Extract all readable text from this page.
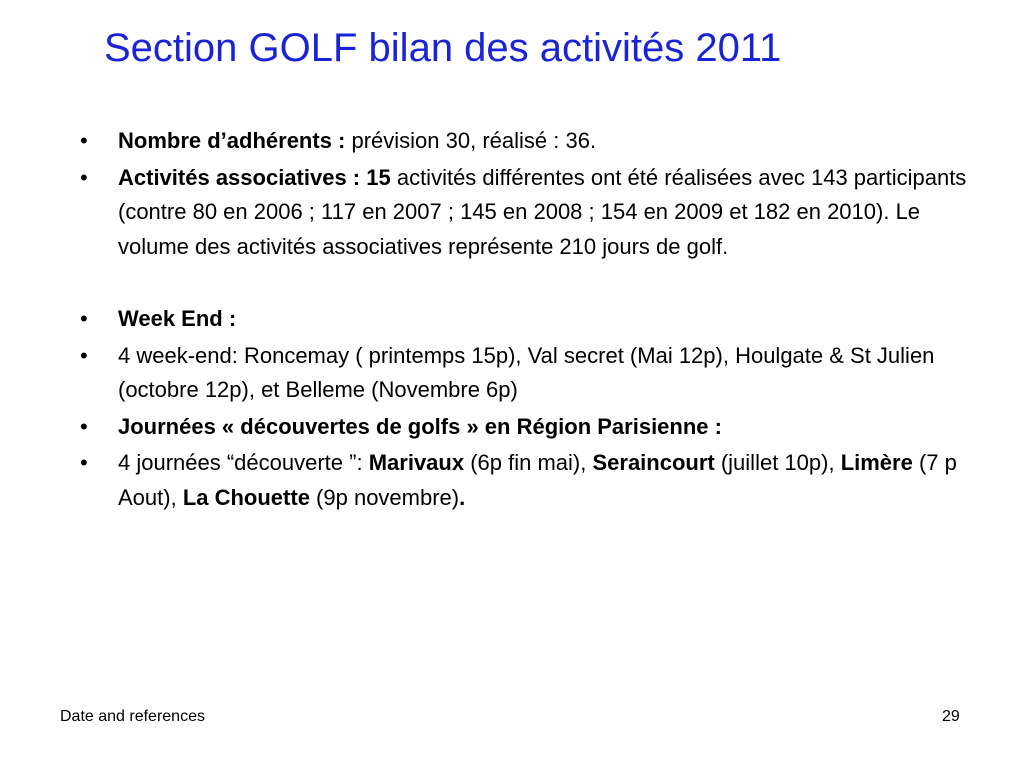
Section GOLF bilan des activités 2011
• Nombre d’adhérents : prévision 30, réalisé : 36.
• Activités associatives : 15 activités différentes ont été réalisées avec 143 participants (contre 80 en 2006 ; 117 en 2007 ; 145 en 2008 ; 154 en 2009 et 182 en 2010). Le volume des activités associatives représente 210 jours de golf.
• Week End :
• 4 week-end: Roncemay ( printemps 15p), Val secret (Mai 12p), Houlgate & St Julien (octobre 12p), et Belleme (Novembre 6p)
• Journées « découvertes de golfs » en Région Parisienne :
• 4 journées “découverte ”: Marivaux (6p fin mai), Seraincourt (juillet 10p), Limère (7 p Aout), La Chouette (9p novembre).
Date and references	29
